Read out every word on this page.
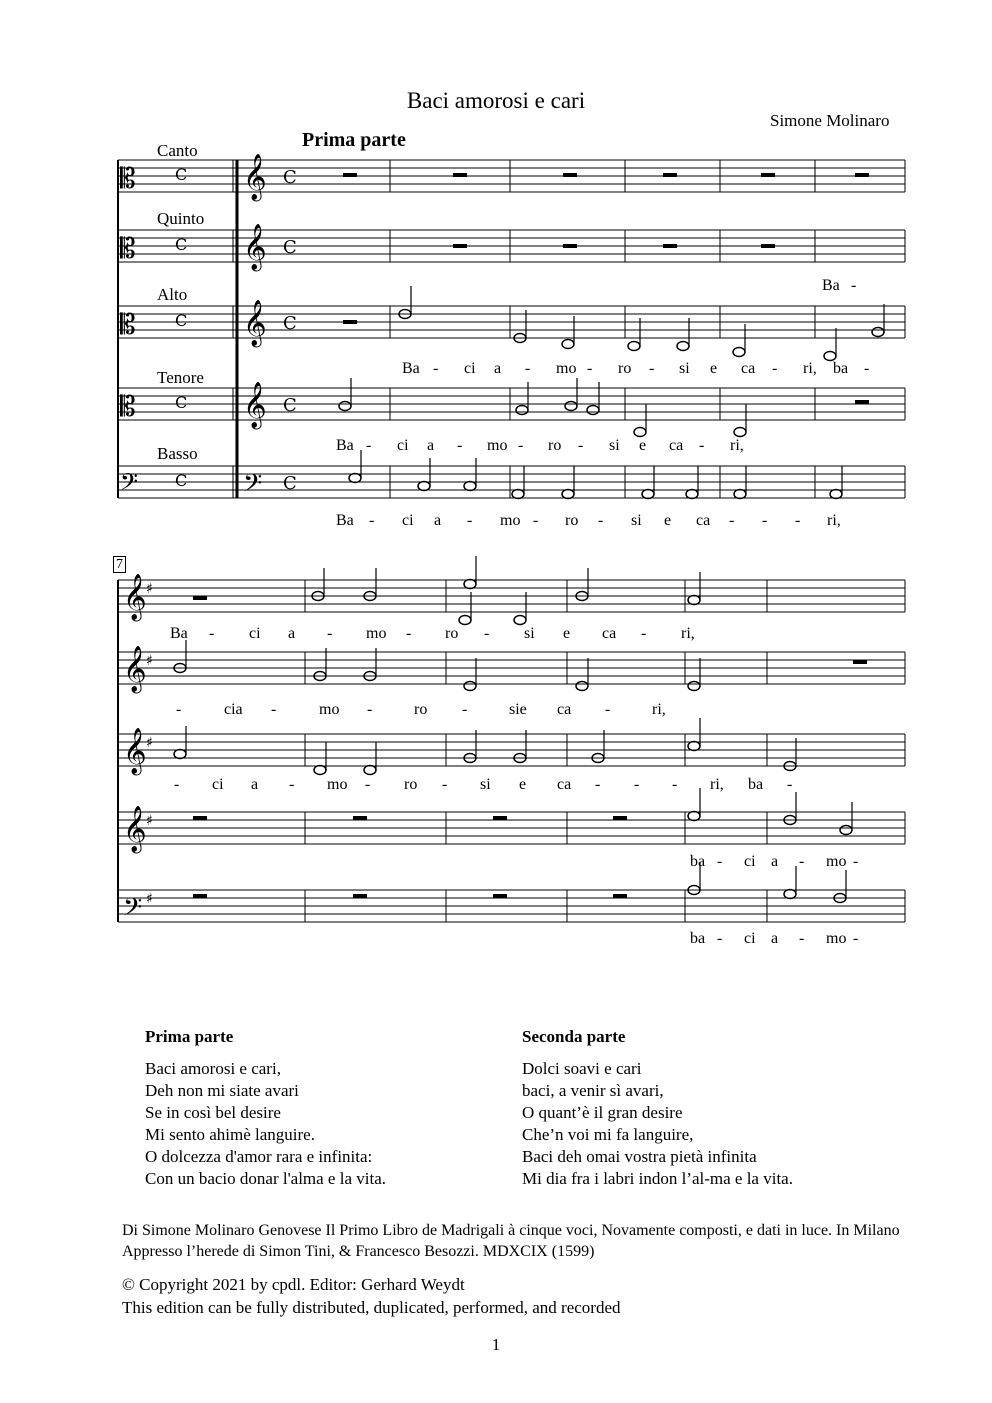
Baci amorosi e cari
Simone Molinaro
Prima parte
Canto
Quinto
Alto
Tenore
Basso
7
𝄞 C
𝄡 C
𝄞 C
𝄡 C
𝄞 C
𝄡 C
𝄞 C
𝄡 C
𝄢 C
𝄢 C
𝄞 ♯
𝄞 ♯
𝄞 ♯
𝄞 ♯
𝄢 ♯
Ba -
Ba - ci a - mo - ro - si e ca - ri, ba -
Ba - ci a - mo - ro - si e ca - ri,
Ba - ci a - mo - ro - si e ca - - - ri,
Ba - ci a - mo - ro - si e ca - ri,
-	cia -	mo -	ro -	sie ca -	ri,
- ci a - mo - ro - si e ca - - - ri, ba -
ba - ci a - mo -
ba - ci a - mo -
Prima parte
Baci amorosi e cari,
Deh non mi siate avari
Se in così bel desire
Mi sento ahimè languire.
O dolcezza d'amor rara e infinita:
Con un bacio donar l'alma e la vita.
Seconda parte
Dolci soavi e cari
baci, a venir sì avari,
O quant’è il gran desire
Che’n voi mi fa languire,
Baci deh omai vostra pietà infinita
Mi dia fra i labri indon l’al-ma e la vita.
Di Simone Molinaro Genovese Il Primo Libro de Madrigali à cinque voci, Novamente composti, e dati in luce. In Milano Appresso l’herede di Simon Tini, & Francesco Besozzi. MDXCIX (1599)
© Copyright 2021 by cpdl. Editor: Gerhard Weydt
This edition can be fully distributed, duplicated, performed, and recorded
1
